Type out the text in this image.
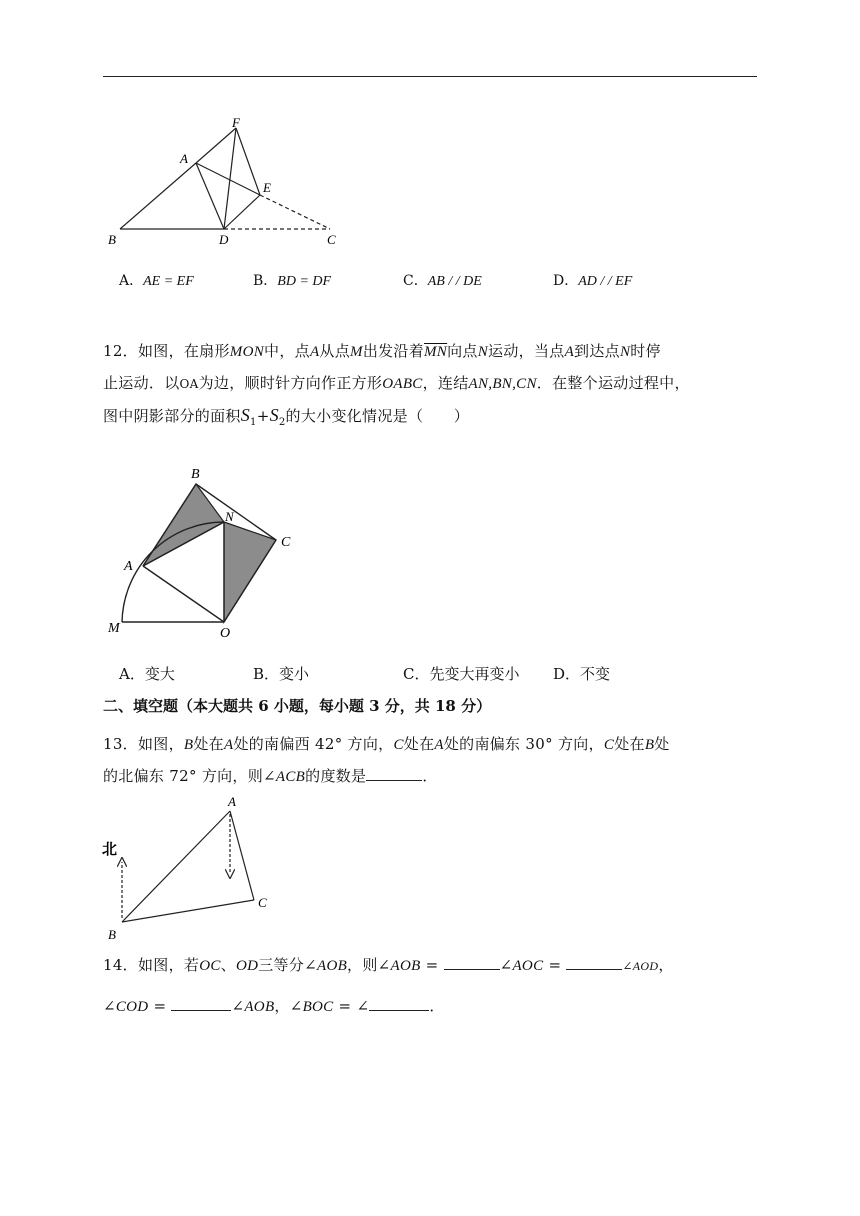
F
A
E
B	D	C
A．AE = EF	B．BD = DF	C．AB / / DE	D．AD / / EF

12．如图，在扇形MON中，点A从点M出发沿着$\overline{MN}$向点N运动，当点A到达点N时停

止运动．以OA为边，顺时针方向作正方形OABC，连结AN,BN,CN．在整个运动过程中，

图中阴影部分的面积$S_1+S_2$的大小变化情况是（　　）

B
N
C
A
M	O
A．变大	B．变小	C．先变大再变小 D．不变
二、填空题（本大题共 6 小题，每小题 3 分，共 18 分）

13．如图，B处在A处的南偏西 42° 方向，C处在A处的南偏东 30° 方向，C处在B处

的北偏东 72° 方向，则∠ACB的度数是	．

北
A
B
C

14．如图，若OC、OD三等分∠AOB，则∠AOB =	∠AOC =	∠AOD，

∠COD =	∠AOB，∠BOC = ∠	．
